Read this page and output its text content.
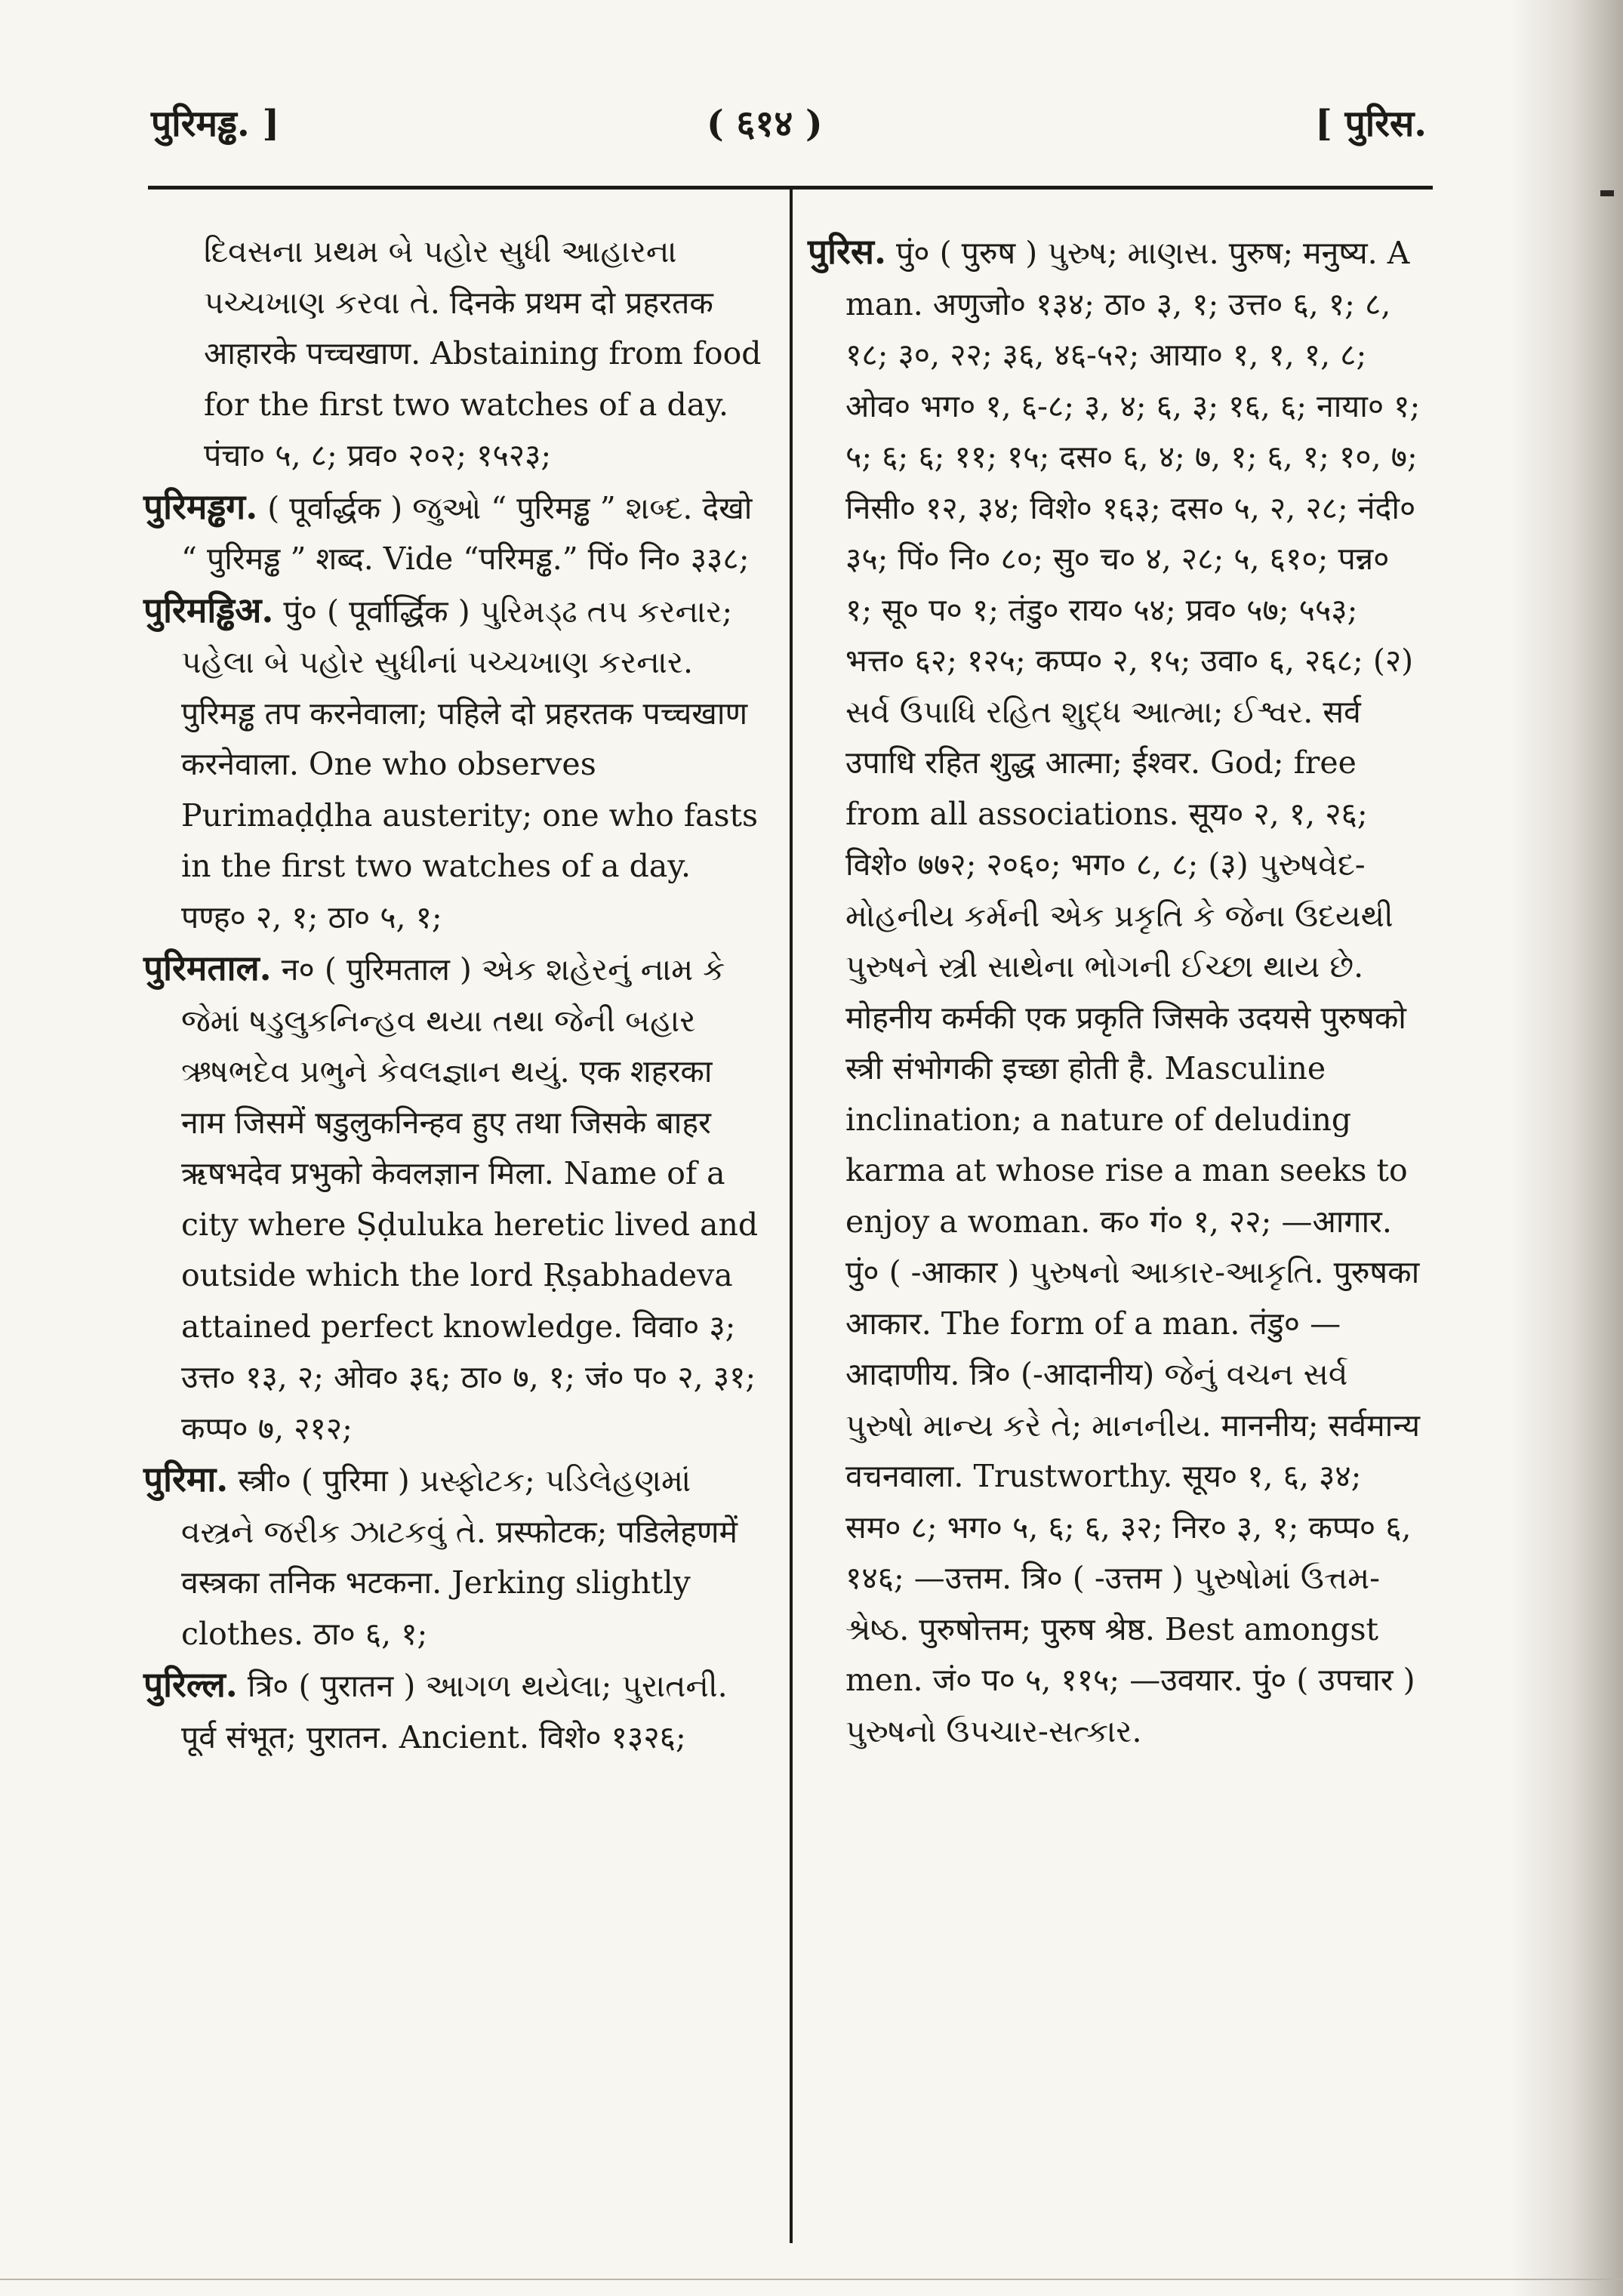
पुरिमड्ढ. ]	( ६१४ )	[ पुरिस.

દિવસના પ્રથમ બે પહોર સુધી આહારના પચ્ચખાણ કરવા તે. दिनके प्रथम दो प्रहरतक आहारके पच्चखाण. Abstaining from food for the first two watches of a day. पंचा० ५, ८; प्रव० २०२; १५२३;

पुरिमड्ढग. ( पूर्वार्द्धक ) જુઓ “ पुरिमड्ढ ” શબ્દ. देखो “ पुरिमड्ढ ” शब्द. Vide “परिमड्ढ.” पिं० नि० ३३८;

पुरिमड्ढिअ. पुं० ( पूर्वार्द्धिक ) પુરિમડ્ઢ તપ કરનાર; પહેલા બે પહોર સુધીનાં પચ્ચખાણ કરનાર. पुरिमड्ढ तप करनेवाला; पहिले दो प्रहरतक पच्चखाण करनेवाला. One who observes Purimaḍḍha austerity; one who fasts in the first two watches of a day. पण्ह० २, १; ठा० ५, १;

पुरिमताल. न० ( पुरिमताल ) એક શહેરનું નામ કે જેમાં ષડુલુકનિન્હવ થયા તથા જેની બહાર ઋષભદેવ પ્રભુને કેવલજ્ઞાન થયું. एक शहरका नाम जिसमें षडुलुकनिन्हव हुए तथा जिसके बाहर ऋषभदेव प्रभुको केवलज्ञान मिला. Name of a city where Ṣḍuluka heretic lived and outside which the lord Ṛṣabhadeva attained perfect knowledge. विवा० ३; उत्त० १३, २; ओव० ३६; ठा० ७, १; जं० प० २, ३१; कप्प० ७, २१२;

पुरिमा. स्त्री० ( पुरिमा ) પ્રસ્ફોટક; પડિલેહણમાં વસ્ત્રને જરીક ઝાટકવું તે. प्रस्फोटक; पडिलेहणमें वस्त्रका तनिक भटकना. Jerking slightly clothes. ठा० ६, १;

पुरिल्ल. त्रि० ( पुरातन ) આગળ થયેલા; પુરાતની. पूर्व संभूत; पुरातन. Ancient. विशे० १३२६;

पुरिस. पुं० ( पुरुष ) પુરુષ; માણસ. पुरुष; मनुष्य. A man. अणुजो० १३४; ठा० ३, १; उत्त० ६, १; ८, १८; ३०, २२; ३६, ४६-५२; आया० १, १, १, ८; ओव० भग० १, ६-८; ३, ४; ६, ३; १६, ६; नाया० १; ५; ६; ६; ११; १५; दस० ६, ४; ७, १; ६, १; १०, ७; निसी० १२, ३४; विशे० १६३; दस० ५, २, २८; नंदी० ३५; पिं० नि० ८०; सु० च० ४, २८; ५, ६१०; पन्न० १; सू० प० १; तंडु० राय० ५४; प्रव० ५७; ५५३; भत्त० ६२; १२५; कप्प० २, १५; उवा० ६, २६८; (२) સર્વ ઉપાધિ રહિત શુદ્ધ આત્મા; ઈશ્વર. सर्व उपाधि रहित शुद्ध आत्मा; ईश्वर. God; free from all associations. सूय० २, १, २६; विशे० ७७२; २०६०; भग० ८, ८; (३) પુરુષવેદ-મોહનીય કર્મની એક પ્રકૃતિ કે જેના ઉદયથી પુરુષને સ્ત્રી સાથેના ભોગની ઈચ્છા થાય છે. मोहनीय कर्मकी एक प्रकृति जिसके उदयसे पुरुषको स्त्री संभोगकी इच्छा होती है. Masculine inclination; a nature of deluding karma at whose rise a man seeks to enjoy a woman. क० गं० १, २२; —आगार. पुं० ( -आकार ) પુરુષનો આકાર-આકૃતિ. पुरुषका आकार. The form of a man. तंडु० —आदाणीय. त्रि० (-आदानीय) જેનું વચન સર્વ પુરુષો માન્ય કરે તે; માનનીય. माननीय; सर्वमान्य वचनवाला. Trustworthy. सूय० १, ६, ३४; सम० ८; भग० ५, ६; ६, ३२; निर० ३, १; कप्प० ६, १४६; —उत्तम. त्रि० ( -उत्तम ) પુરુષોમાં ઉત્તમ-શ્રેષ્ઠ. पुरुषोत्तम; पुरुष श्रेष्ठ. Best amongst men. जं० प० ५, ११५; —उवयार. पुं० ( उपचार ) પુરુષનો ઉપચાર-સત્કાર.
